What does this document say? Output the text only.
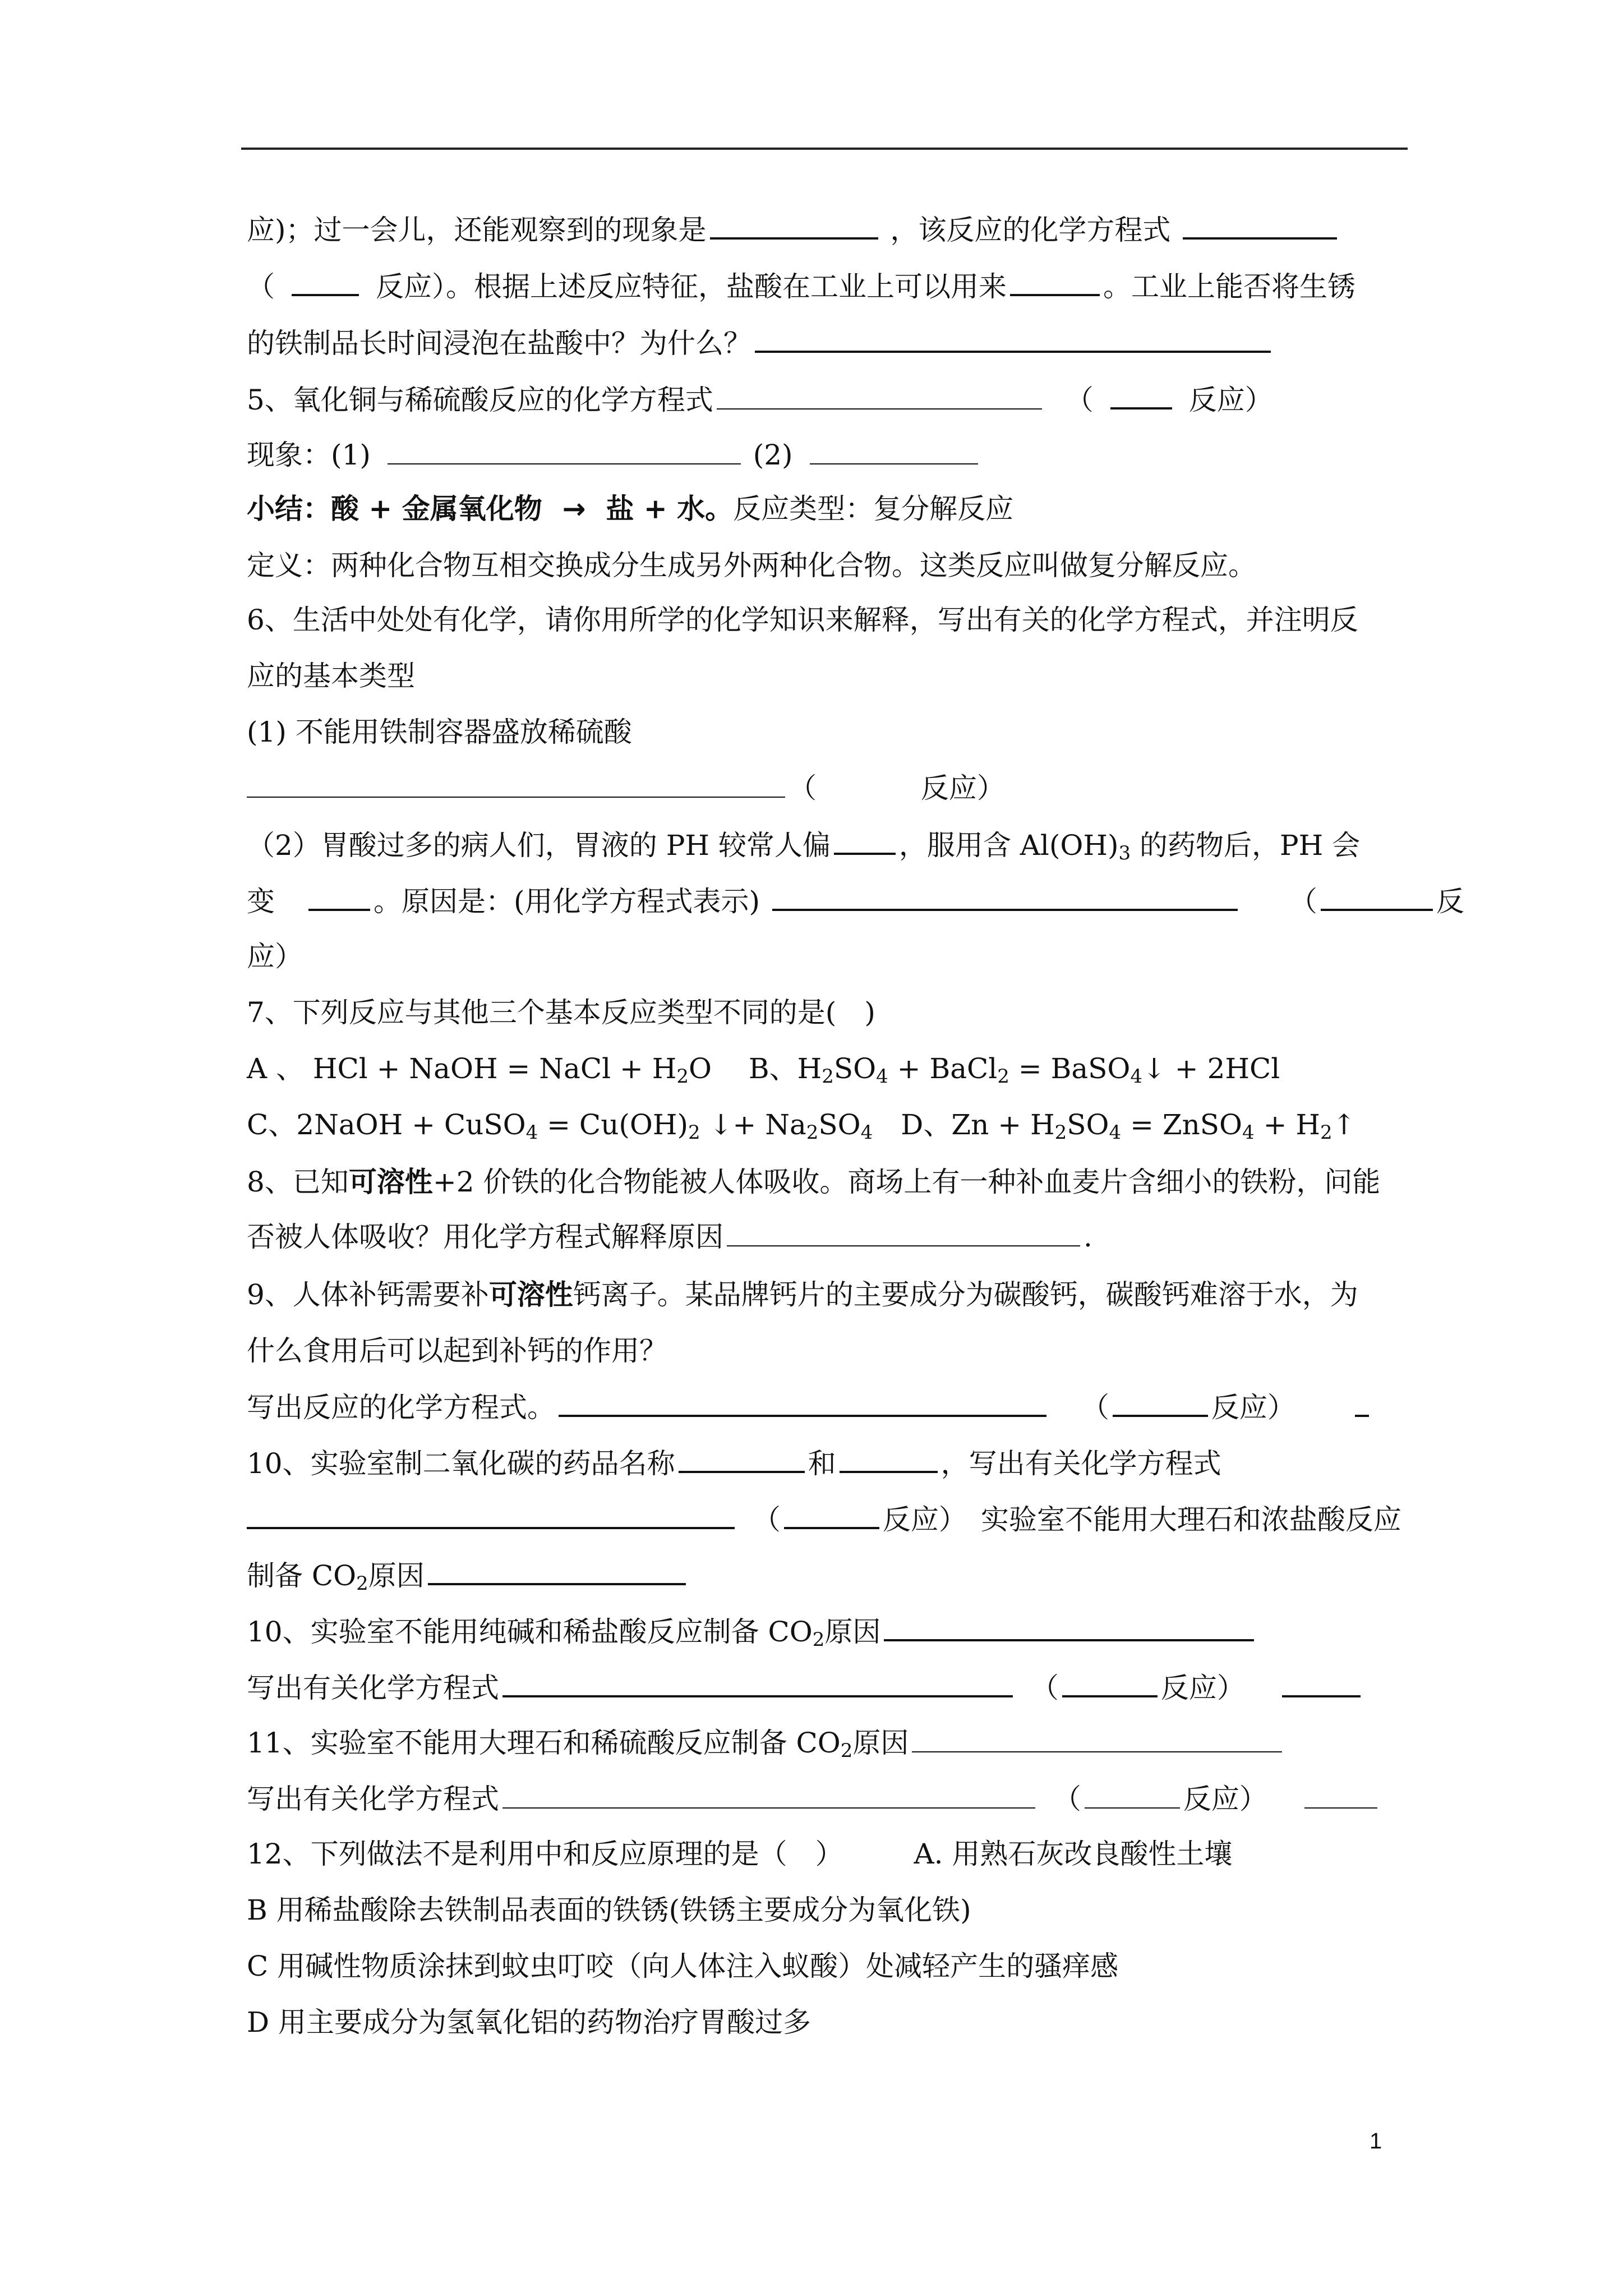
应)；过一会儿，还能观察到的现象是	，该反应的化学方程式
（	反应）。根据上述反应特征，盐酸在工业上可以用来	。工业上能否将生锈
的铁制品长时间浸泡在盐酸中？为什么？
5、氧化铜与稀硫酸反应的化学方程式	（	反应）
现象：(1)	(2)
小结：酸 + 金属氧化物 → 盐 + 水。反应类型：复分解反应
定义：两种化合物互相交换成分生成另外两种化合物。这类反应叫做复分解反应。
6、生活中处处有化学，请你用所学的化学知识来解释，写出有关的化学方程式，并注明反
应的基本类型
(1) 不能用铁制容器盛放稀硫酸
（	反应）
（2）胃酸过多的病人们，胃液的 PH 较常人偏 ，服用含 $Al(OH)_3$ 的药物后，PH 会
变	。原因是：(用化学方程式表示)	（	反
应）
7、下列反应与其他三个基本反应类型不同的是(　)
A 、 HCl + NaOH = NaCl + $H_2O$　 B、$H_2SO_4$ + BaCl$_2$ = BaSO$_4$↓ + 2HCl
C、2NaOH + CuSO$_4$ = $Cu(OH)_2$ ↓+ $Na_2SO_4$　D、$Zn + H_2SO_4$ = ZnSO$_4$ + $H_2↑$
8、已知可溶性+2 价铁的化合物能被人体吸收。商场上有一种补血麦片含细小的铁粉，问能
否被人体吸收？用化学方程式解释原因	.
9、人体补钙需要补可溶性钙离子。某品牌钙片的主要成分为碳酸钙，碳酸钙难溶于水，为
什么食用后可以起到补钙的作用？
写出反应的化学方程式。	（	反应）
10、实验室制二氧化碳的药品名称	和	，写出有关化学方程式
（	反应）　实验室不能用大理石和浓盐酸反应
制备 $CO_2$原因
10、实验室不能用纯碱和稀盐酸反应制备 $CO_2$原因
写出有关化学方程式	（	反应）
11、实验室不能用大理石和稀硫酸反应制备 $CO_2$原因
写出有关化学方程式	（	反应）
12、下列做法不是利用中和反应原理的是（　）	A. 用熟石灰改良酸性土壤
B 用稀盐酸除去铁制品表面的铁锈(铁锈主要成分为氧化铁)
C 用碱性物质涂抹到蚊虫叮咬（向人体注入蚁酸）处减轻产生的骚痒感
D 用主要成分为氢氧化铝的药物治疗胃酸过多
1
